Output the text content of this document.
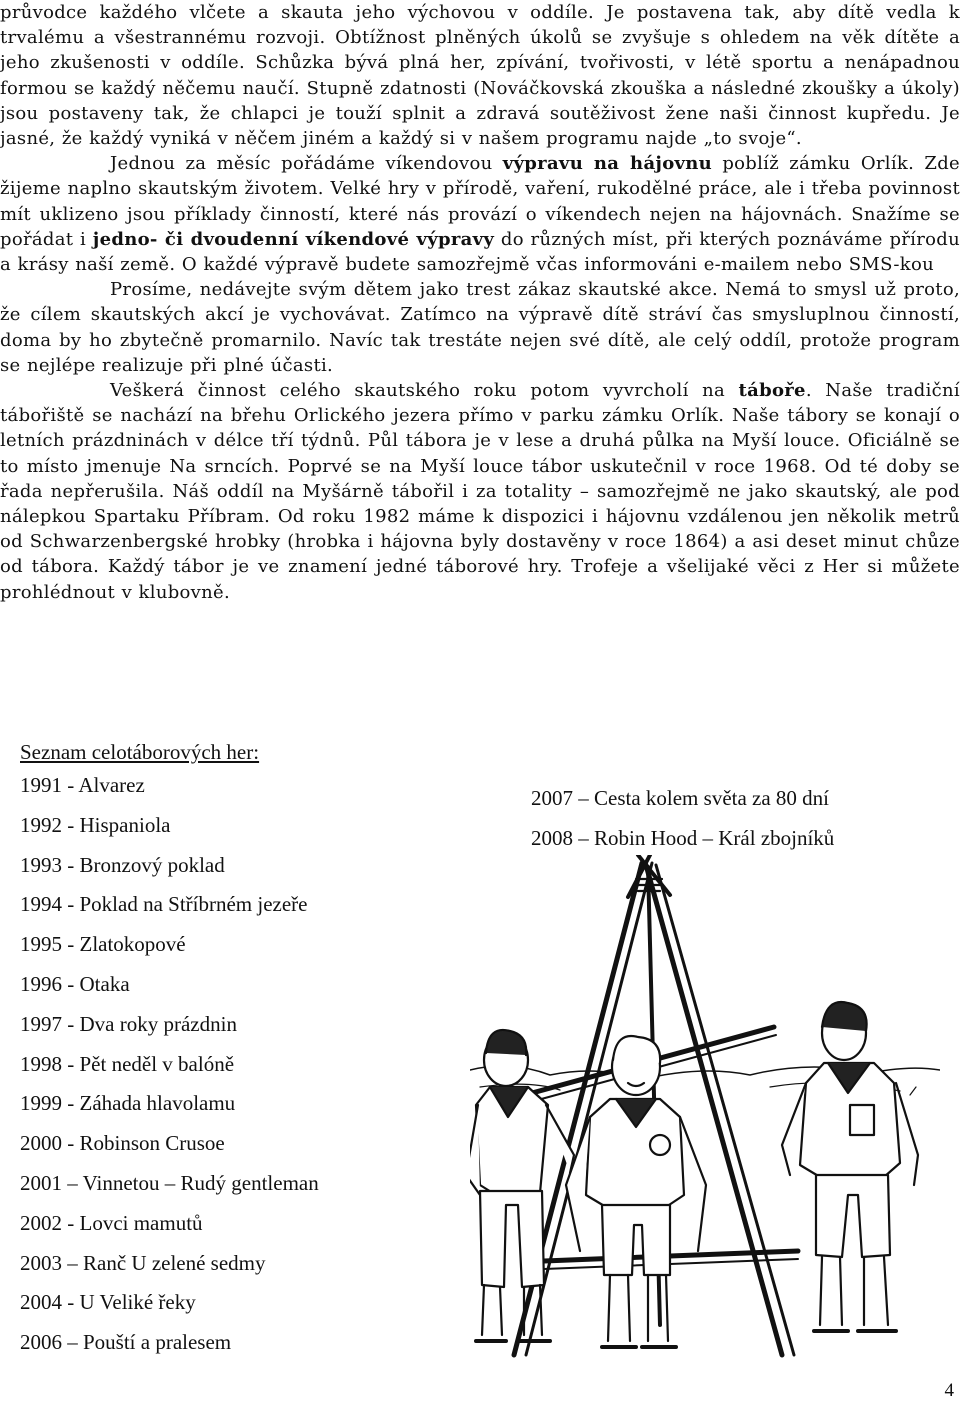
průvodce každého vlčete a skauta jeho výchovou v oddíle. Je postavena tak, aby dítě vedla k trvalému a všestrannému rozvoji. Obtížnost plněných úkolů se zvyšuje s ohledem na věk dítěte a jeho zkušenosti v oddíle. Schůzka bývá plná her, zpívání, tvořivosti, v létě sportu a nenápadnou formou se každý něčemu naučí. Stupně zdatnosti (Nováčkovská zkouška a následné zkoušky a úkoly) jsou postaveny tak, že chlapci je touží splnit a zdravá soutěživost žene naši činnost kupředu. Je jasné, že každý vyniká v něčem jiném a každý si v našem programu najde „to svoje“.

Jednou za měsíc pořádáme víkendovou výpravu na hájovnu poblíž zámku Orlík. Zde žijeme naplno skautským životem. Velké hry v přírodě, vaření, rukodělné práce, ale i třeba povinnost mít uklizeno jsou příklady činností, které nás provází o víkendech nejen na hájovnách. Snažíme se pořádat i jedno- či dvoudenní víkendové výpravy do různých míst, při kterých poznáváme přírodu a krásy naší země. O každé výpravě budete samozřejmě včas informováni e-mailem nebo SMS-kou

Prosíme, nedávejte svým dětem jako trest zákaz skautské akce. Nemá to smysl už proto, že cílem skautských akcí je vychovávat. Zatímco na výpravě dítě stráví čas smysluplnou činností, doma by ho zbytečně promarnilo. Navíc tak trestáte nejen své dítě, ale celý oddíl, protože program se nejlépe realizuje při plné účasti.

Veškerá činnost celého skautského roku potom vyvrcholí na táboře. Naše tradiční tábořiště se nachází na břehu Orlického jezera přímo v parku zámku Orlík. Naše tábory se konají o letních prázdninách v délce tří týdnů. Půl tábora je v lese a druhá půlka na Myší louce. Oficiálně se to místo jmenuje Na srncích. Poprvé se na Myší louce tábor uskutečnil v roce 1968. Od té doby se řada nepřerušila. Náš oddíl na Myšárně tábořil i za totality – samozřejmě ne jako skautský, ale pod nálepkou Spartaku Příbram. Od roku 1982 máme k dispozici i hájovnu vzdálenou jen několik metrů od Schwarzenbergské hrobky (hrobka i hájovna byly dostavěny v roce 1864) a asi deset minut chůze od tábora. Každý tábor je ve znamení jedné táborové hry. Trofeje a všelijaké věci z Her si můžete prohlédnout v klubovně.

Seznam celotáborových her:
1991 - Alvarez
1992 - Hispaniola
1993 - Bronzový poklad
1994 - Poklad na Stříbrném jezeře
1995 - Zlatokopové
1996 - Otaka
1997 - Dva roky prázdnin
1998 - Pět neděl v balóně
1999 - Záhada hlavolamu
2000 - Robinson Crusoe
2001 – Vinnetou – Rudý gentleman
2002 - Lovci mamutů
2003 – Ranč U zelené sedmy
2004 - U Veliké řeky
2006 – Pouští a pralesem
2007 – Cesta kolem světa za 80 dní
2008 – Robin Hood – Král zbojníků
4
